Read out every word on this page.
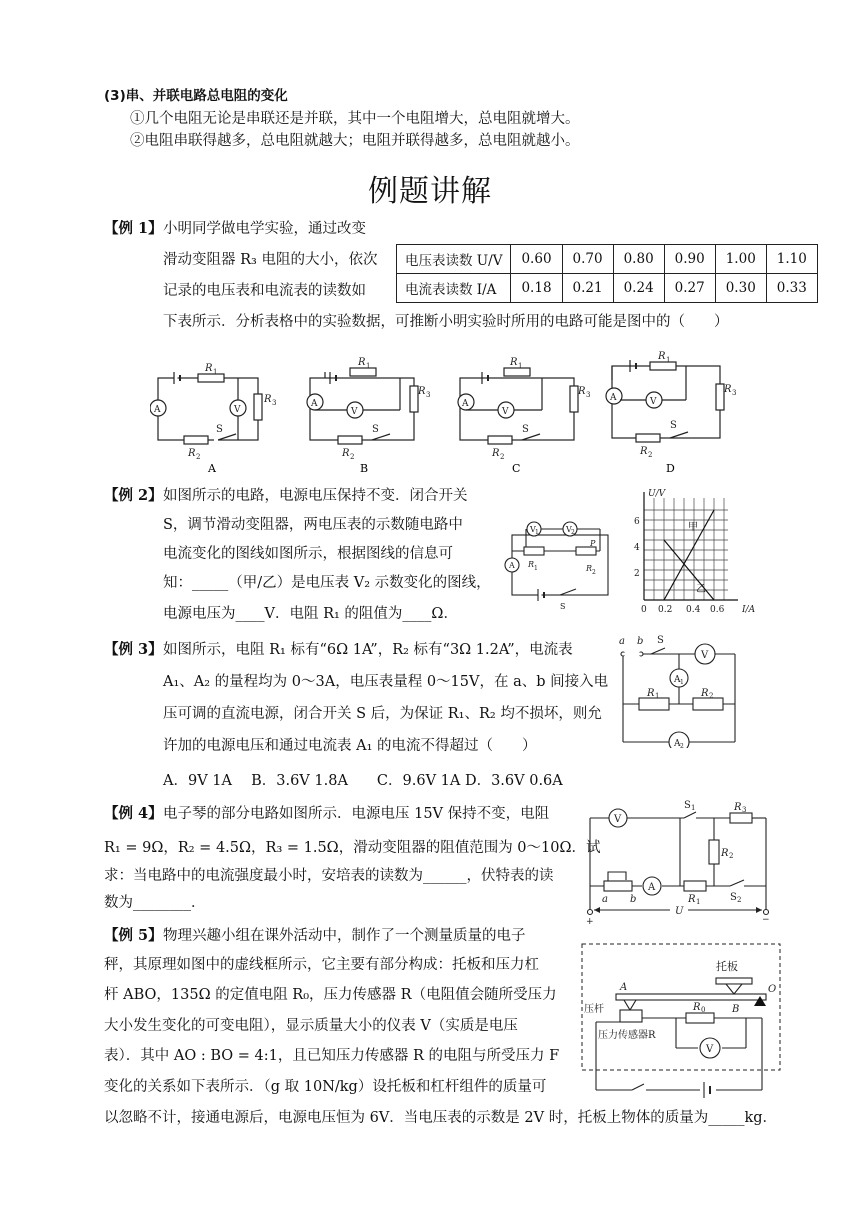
(3)串、并联电路总电阻的变化
①几个电阻无论是串联还是并联，其中一个电阻增大，总电阻就增大。
②电阻串联得越多，总电阻就越大；电阻并联得越多，总电阻就越小。
例题讲解
【例 1】 小明同学做电学实验，通过改变
滑动变阻器 R₃ 电阻的大小，依次
记录的电压表和电流表的读数如
下表所示．分析表格中的实验数据，可推断小明实验时所用的电路可能是图中的（　　）
电压表读数 U/V	0.60	0.70	0.80	0.90	1.00	1.10
电流表读数 I/A	0.18	0.21	0.24	0.27	0.30	0.33
A	V
R 1
R 3
R 2
S
A
V
R 1
R 3
R 2
S
A
V
R 1
R 3
R 2
S
A	V
R 1
R 3
R 2
S
A	B	C	D
【例 2】 如图所示的电路，电源电压保持不变．闭合开关
S，调节滑动变阻器，两电压表的示数随电路中
电流变化的图线如图所示，根据图线的信息可
知：_____（甲/乙）是电压表 V₂ 示数变化的图线，
电源电压为____V．电阻 R₁ 的阻值为____Ω．
V 1	V 2
A R 1	R 2
P
S
U/V
6
4
2
0 0.2 0.4 0.6 I/A
甲
乙
【例 3】 如图所示，电阻 R₁ 标有“6Ω 1A”，R₂ 标有“3Ω 1.2A”，电流表
A₁、A₂ 的量程均为 0～3A，电压表量程 0～15V，在 a、b 间接入电
压可调的直流电源，闭合开关 S 后，为保证 R₁、R₂ 均不损坏，则允
许加的电源电压和通过电流表 A₁ 的电流不得超过（　　）
A．9V 1A　 B．3.6V 1.8A　　C．9.6V 1A D．3.6V 0.6A
a b S
V
A 1
R 1	R 2
A 2
【例 4】 电子琴的部分电路如图所示．电源电压 15V 保持不变，电阻
R₁ = 9Ω，R₂ = 4.5Ω，R₃ = 1.5Ω，滑动变阻器的阻值范围为 0～10Ω．试
求：当电路中的电流强度最小时，安培表的读数为______，伏特表的读
数为________．
V
S 1	R 3
R 2
A
R 1	S 2
a b
U
+	−
【例 5】 物理兴趣小组在课外活动中，制作了一个测量质量的电子
秤，其原理如图中的虚线框所示，它主要有部分构成：托板和压力杠
杆 ABO，135Ω 的定值电阻 R₀，压力传感器 R（电阻值会随所受压力
大小发生变化的可变电阻），显示质量大小的仪表 V（实质是电压
表）．其中 AO : BO = 4:1，且已知压力传感器 R 的电阻与所受压力 F
变化的关系如下表所示．（g 取 10N/kg）设托板和杠杆组件的质量可
以忽略不计，接通电源后，电源电压恒为 6V．当电压表的示数是 2V 时，托板上物体的质量为_____kg．
A	O
B
R 0
V
托板
压杆
压力传感器R
